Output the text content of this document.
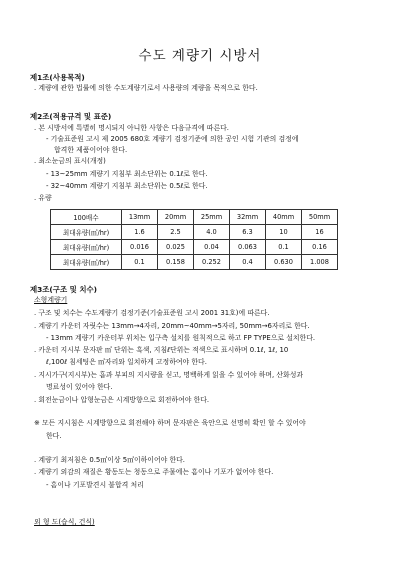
수도 계량기 시방서
제1조(사용목적)
. 계량에 관한 법률에 의한 수도계량기로서 사용량의 계량을 목적으로 한다.
제2조(적용규격 및 표준)
. 본 시방서에 특별히 명시되지 아니한 사항은 다음규격에 따른다.
- 기술표준원 고시 제 2005 680호 계량기 검정기준에 의한 공인 시험 기관의 검정에
합격한 제품이어야 한다.
. 최소눈금의 표시(개정)
- 13~25mm 계량기 지침부 최소단위는 0.1ℓ로 한다.
- 32~40mm 계량기 지침부 최소단위는 0.5ℓ로 한다.
. 유량
100배수	13mm	20mm	25mm	32mm	40mm	50mm
최대유량(㎥/hr)	1.6	2.5	4.0	6.3	10	16
최대유량(㎥/hr)	0.016	0.025	0.04	0.063	0.1	0.16
최대유량(㎥/hr)	0.1	0.158	0.252	0.4	0.630	1.008
제3조(구조 및 치수)
소형계량기
. 구조 및 치수는 수도계량기 검정기준(기술표준원 고시 2001 31호)에 따른다.
. 계량기 카운터 자릿수는 13mm→4자리, 20mm~40mm→5자리, 50mm→6자리로 한다.
- 13mm 계량기 카운터부 위치는 입구측 설치를 원칙적으로 하고 FP TYPE으로 설치한다.
. 카운터 지시부 문자판 ㎥ 단위는 흑색, 지침ℓ단위는 적색으로 표시하며 0.1ℓ, 1ℓ, 10
ℓ,100ℓ 침세팅은 ㎥자리와 일치하게 고정하여야 한다.
. 지시가구(지시부)는 흡과 부피의 지시량을 싣고, 명백하게 읽을 수 있어야 하며, 산화성과
명료성이 있어야 한다.
. 회전눈금이나 압형눈금은 시계방향으로 회전하여야 한다.
※ 모든 지시침은 시계방향으로 회전해야 하며 문자판은 육안으로 선명히 확인 할 수 있어야
한다.
. 계량기 최저침은 0.5㎥이상 5㎥이하이어야 한다.
. 계량기 외감의 재질은 황동도는 청동으로 주물에는 흠이나 기포가 없어야 한다.
- 흠이나 기포발견시 불합격 처리
외 형 도(습식, 건식)
